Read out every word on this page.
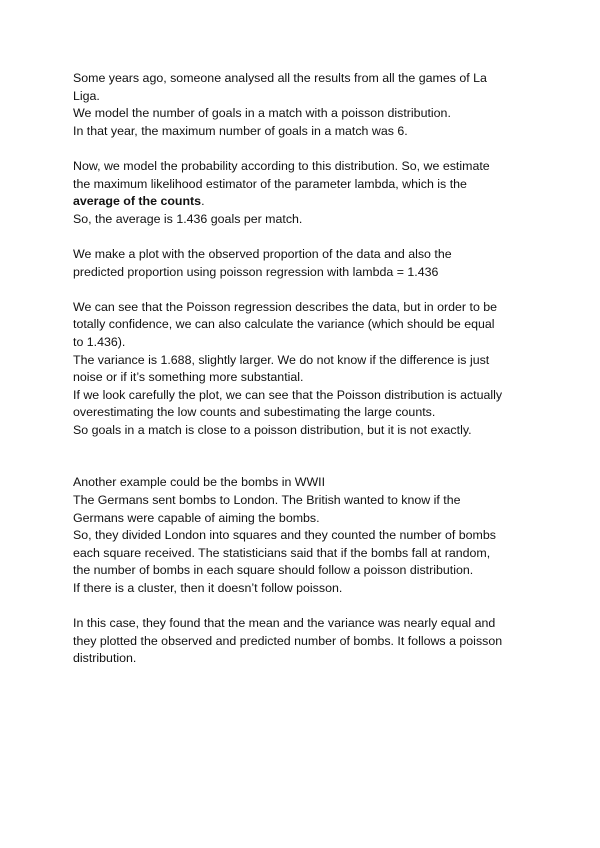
Some years ago, someone analysed all the results from all the games of La
Liga.
We model the number of goals in a match with a poisson distribution.
In that year, the maximum number of goals in a match was 6.
Now, we model the probability according to this distribution. So, we estimate
the maximum likelihood estimator of the parameter lambda, which is the
average of the counts.
So, the average is 1.436 goals per match.
We make a plot with the observed proportion of the data and also the
predicted proportion using poisson regression with lambda = 1.436
We can see that the Poisson regression describes the data, but in order to be
totally confidence, we can also calculate the variance (which should be equal
to 1.436).
The variance is 1.688, slightly larger. We do not know if the difference is just
noise or if it’s something more substantial.
If we look carefully the plot, we can see that the Poisson distribution is actually
overestimating the low counts and subestimating the large counts.
So goals in a match is close to a poisson distribution, but it is not exactly.
Another example could be the bombs in WWII
The Germans sent bombs to London. The British wanted to know if the
Germans were capable of aiming the bombs.
So, they divided London into squares and they counted the number of bombs
each square received. The statisticians said that if the bombs fall at random,
the number of bombs in each square should follow a poisson distribution.
If there is a cluster, then it doesn’t follow poisson.
In this case, they found that the mean and the variance was nearly equal and
they plotted the observed and predicted number of bombs. It follows a poisson
distribution.
